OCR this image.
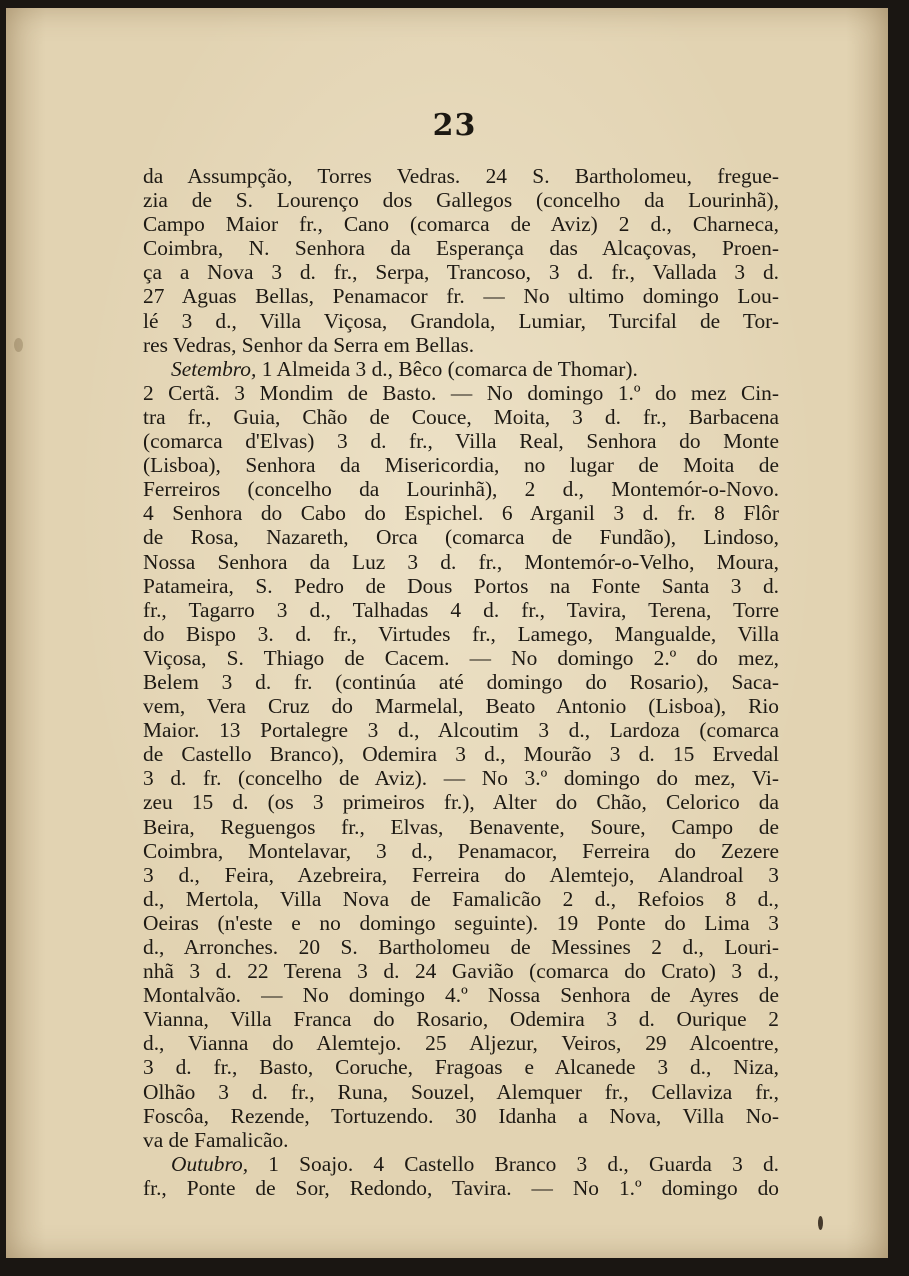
23
da Assumpção, Torres Vedras. 24 S. Bartholomeu, fregue-
zia de S. Lourenço dos Gallegos (concelho da Lourinhã),
Campo Maior fr., Cano (comarca de Aviz) 2 d., Charneca,
Coimbra, N. Senhora da Esperança das Alcaçovas, Proen-
ça a Nova 3 d. fr., Serpa, Trancoso, 3 d. fr., Vallada 3 d.
27 Aguas Bellas, Penamacor fr. — No ultimo domingo Lou-
lé 3 d., Villa Viçosa, Grandola, Lumiar, Turcifal de Tor-
res Vedras, Senhor da Serra em Bellas.
Setembro, 1 Almeida 3 d., Bêco (comarca de Thomar).
2 Certã. 3 Mondim de Basto. — No domingo 1.º do mez Cin-
tra fr., Guia, Chão de Couce, Moita, 3 d. fr., Barbacena
(comarca d'Elvas) 3 d. fr., Villa Real, Senhora do Monte
(Lisboa), Senhora da Misericordia, no lugar de Moita de
Ferreiros (concelho da Lourinhã), 2 d., Montemór-o-Novo.
4 Senhora do Cabo do Espichel. 6 Arganil 3 d. fr. 8 Flôr
de Rosa, Nazareth, Orca (comarca de Fundão), Lindoso,
Nossa Senhora da Luz 3 d. fr., Montemór-o-Velho, Moura,
Patameira, S. Pedro de Dous Portos na Fonte Santa 3 d.
fr., Tagarro 3 d., Talhadas 4 d. fr., Tavira, Terena, Torre
do Bispo 3. d. fr., Virtudes fr., Lamego, Mangualde, Villa
Viçosa, S. Thiago de Cacem. — No domingo 2.º do mez,
Belem 3 d. fr. (continúa até domingo do Rosario), Saca-
vem, Vera Cruz do Marmelal, Beato Antonio (Lisboa), Rio
Maior. 13 Portalegre 3 d., Alcoutim 3 d., Lardoza (comarca
de Castello Branco), Odemira 3 d., Mourão 3 d. 15 Ervedal
3 d. fr. (concelho de Aviz). — No 3.º domingo do mez, Vi-
zeu 15 d. (os 3 primeiros fr.), Alter do Chão, Celorico da
Beira, Reguengos fr., Elvas, Benavente, Soure, Campo de
Coimbra, Montelavar, 3 d., Penamacor, Ferreira do Zezere
3 d., Feira, Azebreira, Ferreira do Alemtejo, Alandroal 3
d., Mertola, Villa Nova de Famalicão 2 d., Refoios 8 d.,
Oeiras (n'este e no domingo seguinte). 19 Ponte do Lima 3
d., Arronches. 20 S. Bartholomeu de Messines 2 d., Louri-
nhã 3 d. 22 Terena 3 d. 24 Gavião (comarca do Crato) 3 d.,
Montalvão. — No domingo 4.º Nossa Senhora de Ayres de
Vianna, Villa Franca do Rosario, Odemira 3 d. Ourique 2
d., Vianna do Alemtejo. 25 Aljezur, Veiros, 29 Alcoentre,
3 d. fr., Basto, Coruche, Fragoas e Alcanede 3 d., Niza,
Olhão 3 d. fr., Runa, Souzel, Alemquer fr., Cellaviza fr.,
Foscôa, Rezende, Tortuzendo. 30 Idanha a Nova, Villa No-
va de Famalicão.
Outubro, 1 Soajo. 4 Castello Branco 3 d., Guarda 3 d.
fr., Ponte de Sor, Redondo, Tavira. — No 1.º domingo do
